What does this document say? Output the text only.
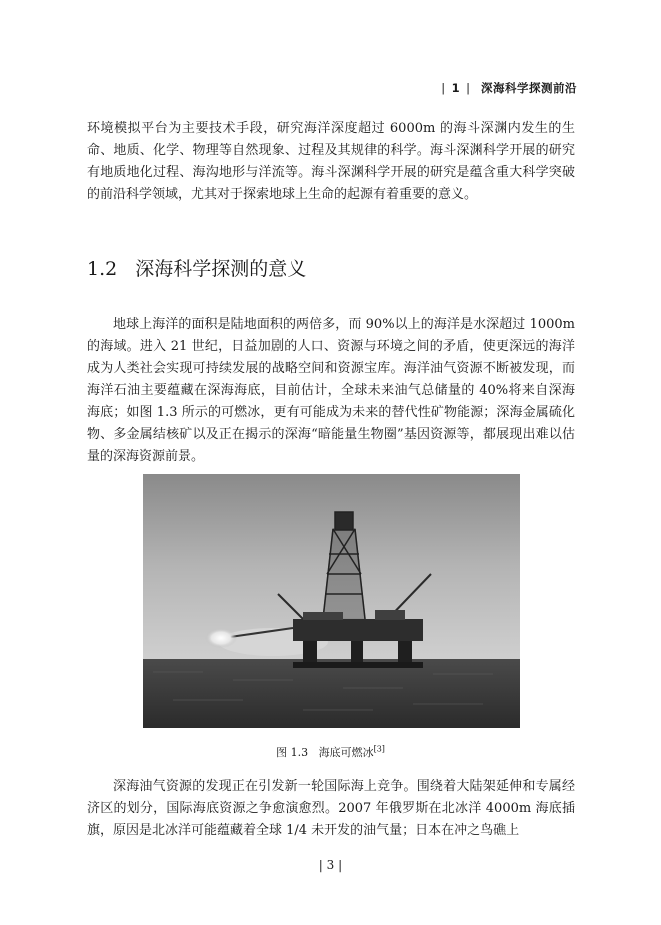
| 1 | 深海科学探测前沿

环境模拟平台为主要技术手段，研究海洋深度超过 6000m 的海斗深渊内发生的生命、地质、化学、物理等自然现象、过程及其规律的科学。海斗深渊科学开展的研究有地质地化过程、海沟地形与洋流等。海斗深渊科学开展的研究是蕴含重大科学突破的前沿科学领域，尤其对于探索地球上生命的起源有着重要的意义。

1.2 深海科学探测的意义

地球上海洋的面积是陆地面积的两倍多，而 90%以上的海洋是水深超过 1000m 的海域。进入 21 世纪，日益加剧的人口、资源与环境之间的矛盾，使更深远的海洋成为人类社会实现可持续发展的战略空间和资源宝库。海洋油气资源不断被发现，而海洋石油主要蕴藏在深海海底，目前估计，全球未来油气总储量的 40%将来自深海海底；如图 1.3 所示的可燃冰，更有可能成为未来的替代性矿物能源；深海金属硫化物、多金属结核矿以及正在揭示的深海“暗能量生物圈”基因资源等，都展现出难以估量的深海资源前景。

图 1.3 海底可燃冰[3]

深海油气资源的发现正在引发新一轮国际海上竞争。围绕着大陆架延伸和专属经济区的划分，国际海底资源之争愈演愈烈。2007 年俄罗斯在北冰洋 4000m 海底插旗，原因是北冰洋可能蕴藏着全球 1/4 未开发的油气量；日本在冲之鸟礁上

| 3 |
